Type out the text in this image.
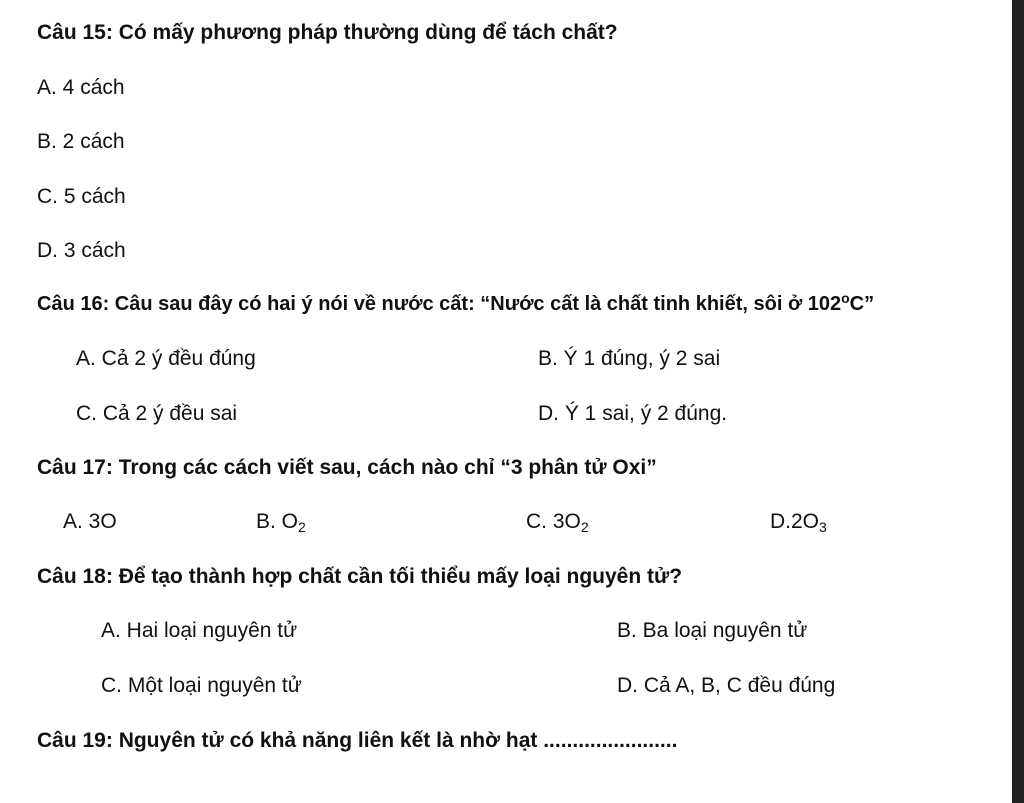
Câu 15: Có mấy phương pháp thường dùng để tách chất?
A. 4 cách
B. 2 cách
C. 5 cách
D. 3 cách
Câu 16: Câu sau đây có hai ý nói về nước cất: “Nước cất là chất tinh khiết, sôi ở 102$^o$C”
A. Cả 2 ý đều đúng	B. Ý 1 đúng, ý 2 sai
C. Cả 2 ý đều sai	D. Ý 1 sai, ý 2 đúng.
Câu 17: Trong các cách viết sau, cách nào chỉ “3 phân tử Oxi”
A. 3O	B. $O_2$	C. $3O_2$	$D.2O_3$
Câu 18: Để tạo thành hợp chất cần tối thiểu mấy loại nguyên tử?
A. Hai loại nguyên tử	B. Ba loại nguyên tử
C. Một loại nguyên tử	D. Cả A, B, C đều đúng
Câu 19: Nguyên tử có khả năng liên kết là nhờ hạt .......................
